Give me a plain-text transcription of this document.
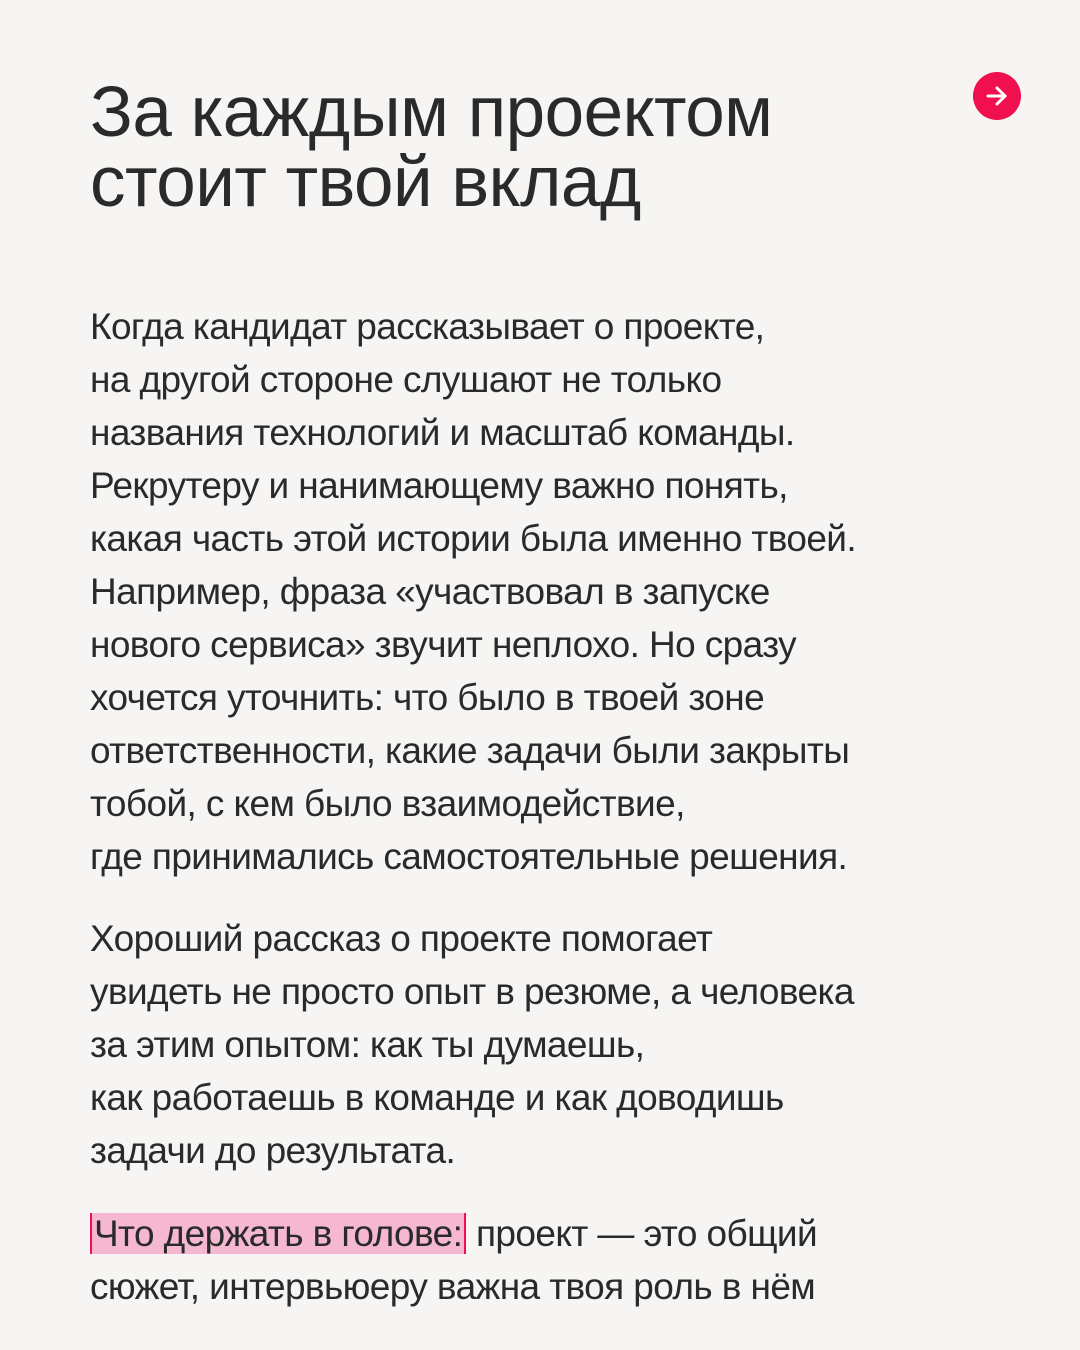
За каждым проектом
стоит твой вклад

Когда кандидат рассказывает о проекте,
на другой стороне слушают не только
названия технологий и масштаб команды.
Рекрутеру и нанимающему важно понять,
какая часть этой истории была именно твоей.
Например, фраза «участвовал в запуске
нового сервиса» звучит неплохо. Но сразу
хочется уточнить: что было в твоей зоне
ответственности, какие задачи были закрыты
тобой, с кем было взаимодействие,
где принимались самостоятельные решения.

Хороший рассказ о проекте помогает
увидеть не просто опыт в резюме, а человека
за этим опытом: как ты думаешь,
как работаешь в команде и как доводишь
задачи до результата.

Что держать в голове: проект — это общий
сюжет, интервьюеру важна твоя роль в нём
